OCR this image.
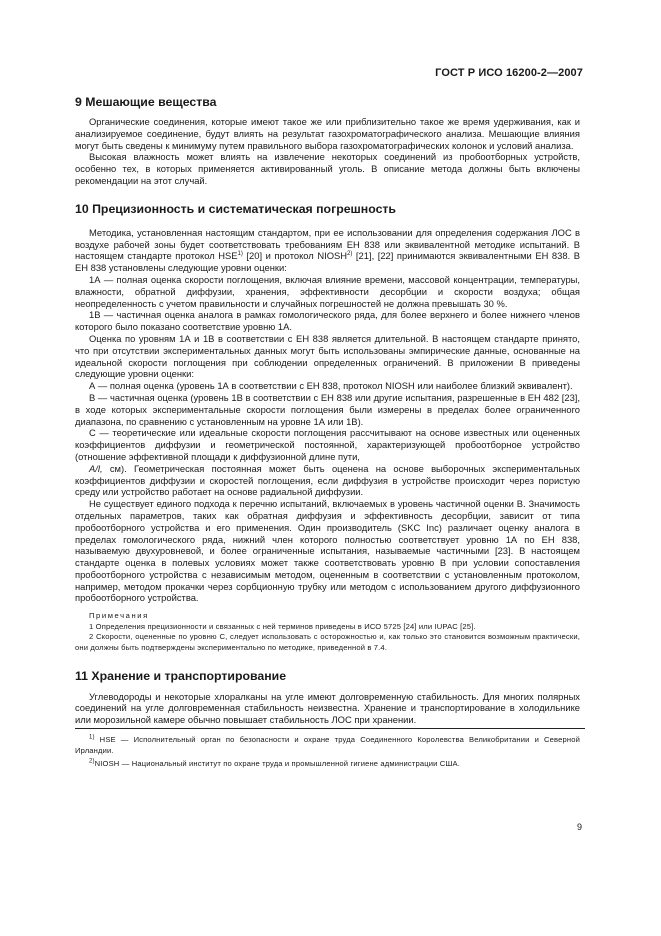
ГОСТ Р ИСО 16200-2—2007
9 Мешающие вещества

Органические соединения, которые имеют такое же или приблизительно такое же время удерживания, как и анализируемое соединение, будут влиять на результат газохроматографического анализа. Мешающие влияния могут быть сведены к минимуму путем правильного выбора газохроматографических колонок и условий анализа.

Высокая влажность может влиять на извлечение некоторых соединений из пробоотборных устройств, особенно тех, в которых применяется активированный уголь. В описание метода должны быть включены рекомендации на этот случай.

10 Прецизионность и систематическая погрешность

Методика, установленная настоящим стандартом, при ее использовании для определения содержания ЛОС в воздухе рабочей зоны будет соответствовать требованиям ЕН 838 или эквивалентной методике испытаний. В настоящем стандарте протокол HSE$^{1)}$ [20] и протокол NIOSH$^{2)}$ [21], [22] принимаются эквивалентными ЕН 838. В ЕН 838 установлены следующие уровни оценки:

1А — полная оценка скорости поглощения, включая влияние времени, массовой концентрации, температуры, влажности, обратной диффузии, хранения, эффективности десорбции и скорости воздуха; общая неопределенность с учетом правильности и случайных погрешностей не должна превышать 30 %.

1В — частичная оценка аналога в рамках гомологического ряда, для более верхнего и более нижнего членов которого было показано соответствие уровню 1А.

Оценка по уровням 1А и 1В в соответствии с ЕН 838 является длительной. В настоящем стандарте принято, что при отсутствии экспериментальных данных могут быть использованы эмпирические данные, основанные на идеальной скорости поглощения при соблюдении определенных ограничений. В приложении В приведены следующие уровни оценки:

А — полная оценка (уровень 1А в соответствии с ЕН 838, протокол NIOSH или наиболее близкий эквивалент).

В — частичная оценка (уровень 1В в соответствии с ЕН 838 или другие испытания, разрешенные в ЕН 482 [23], в ходе которых экспериментальные скорости поглощения были измерены в пределах более ограниченного диапазона, по сравнению с установленным на уровне 1А или 1В).

С — теоретические или идеальные скорости поглощения рассчитывают на основе известных или оцененных коэффициентов диффузии и геометрической постоянной, характеризующей пробоотборное устройство (отношение эффективной площади к диффузионной длине пути,

A/l, см). Геометрическая постоянная может быть оценена на основе выборочных экспериментальных коэффициентов диффузии и скоростей поглощения, если диффузия в устройстве происходит через пористую среду или устройство работает на основе радиальной диффузии.

Не существует единого подхода к перечню испытаний, включаемых в уровень частичной оценки В. Значимость отдельных параметров, таких как обратная диффузия и эффективность десорбции, зависит от типа пробоотборного устройства и его применения. Один производитель (SKC Inc) различает оценку аналога в пределах гомологического ряда, нижний член которого полностью соответствует уровню 1А по ЕН 838, называемую двухуровневой, и более ограниченные испытания, называемые частичными [23]. В настоящем стандарте оценка в полевых условиях может также соответствовать уровню В при условии сопоставления пробоотборного устройства с независимым методом, оцененным в соответствии с установленным протоколом, например, методом прокачки через сорбционную трубку или методом с использованием другого диффузионного пробоотборного устройства.

Примечания

1 Определения прецизионности и связанных с ней терминов приведены в ИСО 5725 [24] или IUPAC [25].

2 Скорости, оцененные по уровню С, следует использовать с осторожностью и, как только это становится возможным практически, они должны быть подтверждены экспериментально по методике, приведенной в 7.4.

11 Хранение и транспортирование

Углеводороды и некоторые хлоралканы на угле имеют долговременную стабильность. Для многих полярных соединений на угле долговременная стабильность неизвестна. Хранение и транспортирование в холодильнике или морозильной камере обычно повышает стабильность ЛОС при хранении.

$^{1)}$ HSE — Исполнительный орган по безопасности и охране труда Соединенного Королевства Великобритании и Северной Ирландии.

$^{2)}$NIOSH — Национальный институт по охране труда и промышленной гигиене администрации США.

9
